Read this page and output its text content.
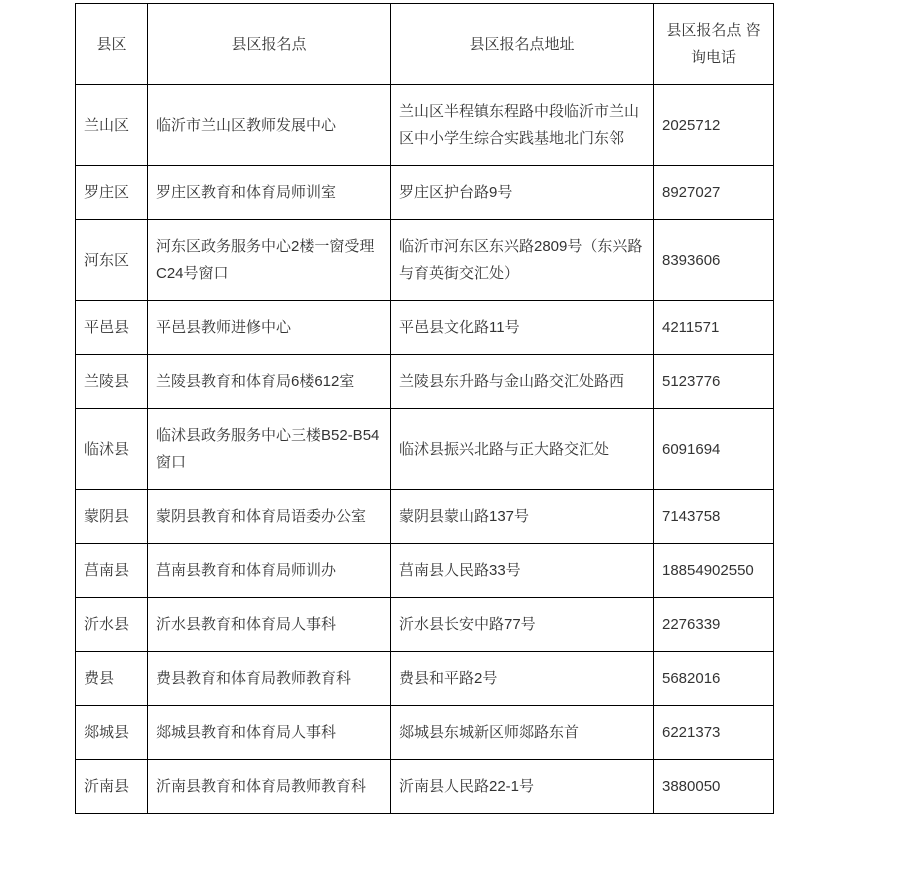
县区	县区报名点	县区报名点地址	县区报名点 咨询电话
兰山区	临沂市兰山区教师发展中心	兰山区半程镇东程路中段临沂市兰山区中小学生综合实践基地北门东邻	2025712
罗庄区	罗庄区教育和体育局师训室	罗庄区护台路9号	8927027
河东区	河东区政务服务中心2楼一窗受理C24号窗口	临沂市河东区东兴路2809号（东兴路与育英街交汇处）	8393606
平邑县	平邑县教师进修中心	平邑县文化路11号	4211571
兰陵县	兰陵县教育和体育局6楼612室	兰陵县东升路与金山路交汇处路西	5123776
临沭县	临沭县政务服务中心三楼B52-B54窗口	临沭县振兴北路与正大路交汇处	6091694
蒙阴县	蒙阴县教育和体育局语委办公室	蒙阴县蒙山路137号	7143758
莒南县	莒南县教育和体育局师训办	莒南县人民路33号	18854902550
沂水县	沂水县教育和体育局人事科	沂水县长安中路77号	2276339
费县	费县教育和体育局教师教育科	费县和平路2号	5682016
郯城县	郯城县教育和体育局人事科	郯城县东城新区师郯路东首	6221373
沂南县	沂南县教育和体育局教师教育科	沂南县人民路22-1号	3880050
